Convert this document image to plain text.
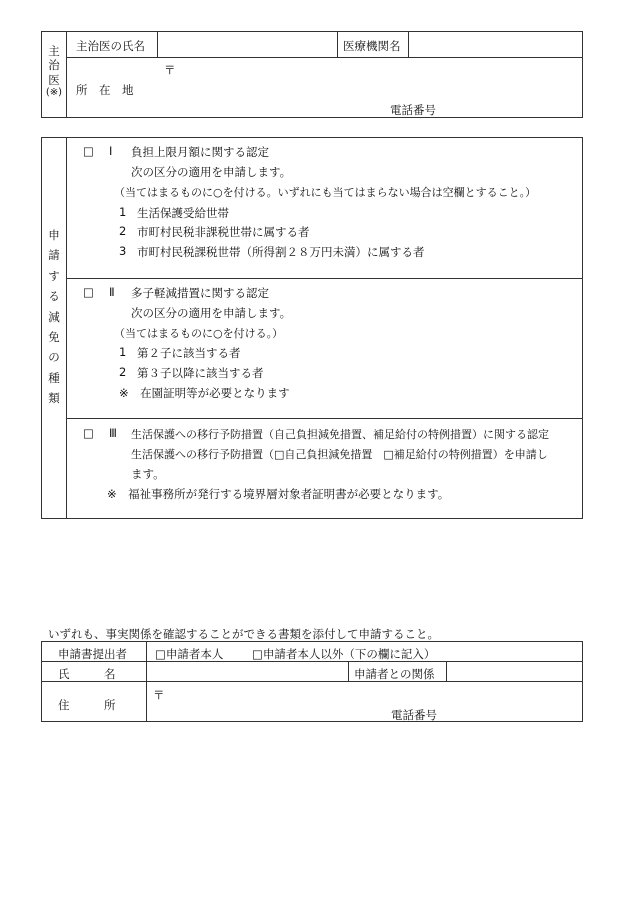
主
治
医
(※)
主治医の氏名	医療機関名
所　在　地
〒
電話番号
申
請
す
る
減
免
の
種
類
□ Ⅰ 負担上限月額に関する認定
次の区分の適用を申請します。
（当てはまるものに○を付ける。いずれにも当てはまらない場合は空欄とすること。）
1 生活保護受給世帯
2 市町村民税非課税世帯に属する者
3 市町村民税課税世帯（所得割２８万円未満）に属する者
□ Ⅱ 多子軽減措置に関する認定
次の区分の適用を申請します。
（当てはまるものに○を付ける。）
1 第２子に該当する者
2 第３子以降に該当する者
※　在園証明等が必要となります
□ Ⅲ 生活保護への移行予防措置（自己負担減免措置、補足給付の特例措置）に関する認定
生活保護への移行予防措置（□自己負担減免措置　□補足給付の特例措置）を申請し
ます。
※　福祉事務所が発行する境界層対象者証明書が必要となります。
いずれも、事実関係を確認することができる書類を添付して申請すること。
申請書提出者 □申請者本人 □申請者本人以外（下の欄に記入）
氏　　　名	申請者との関係
住　　　所
〒
電話番号
